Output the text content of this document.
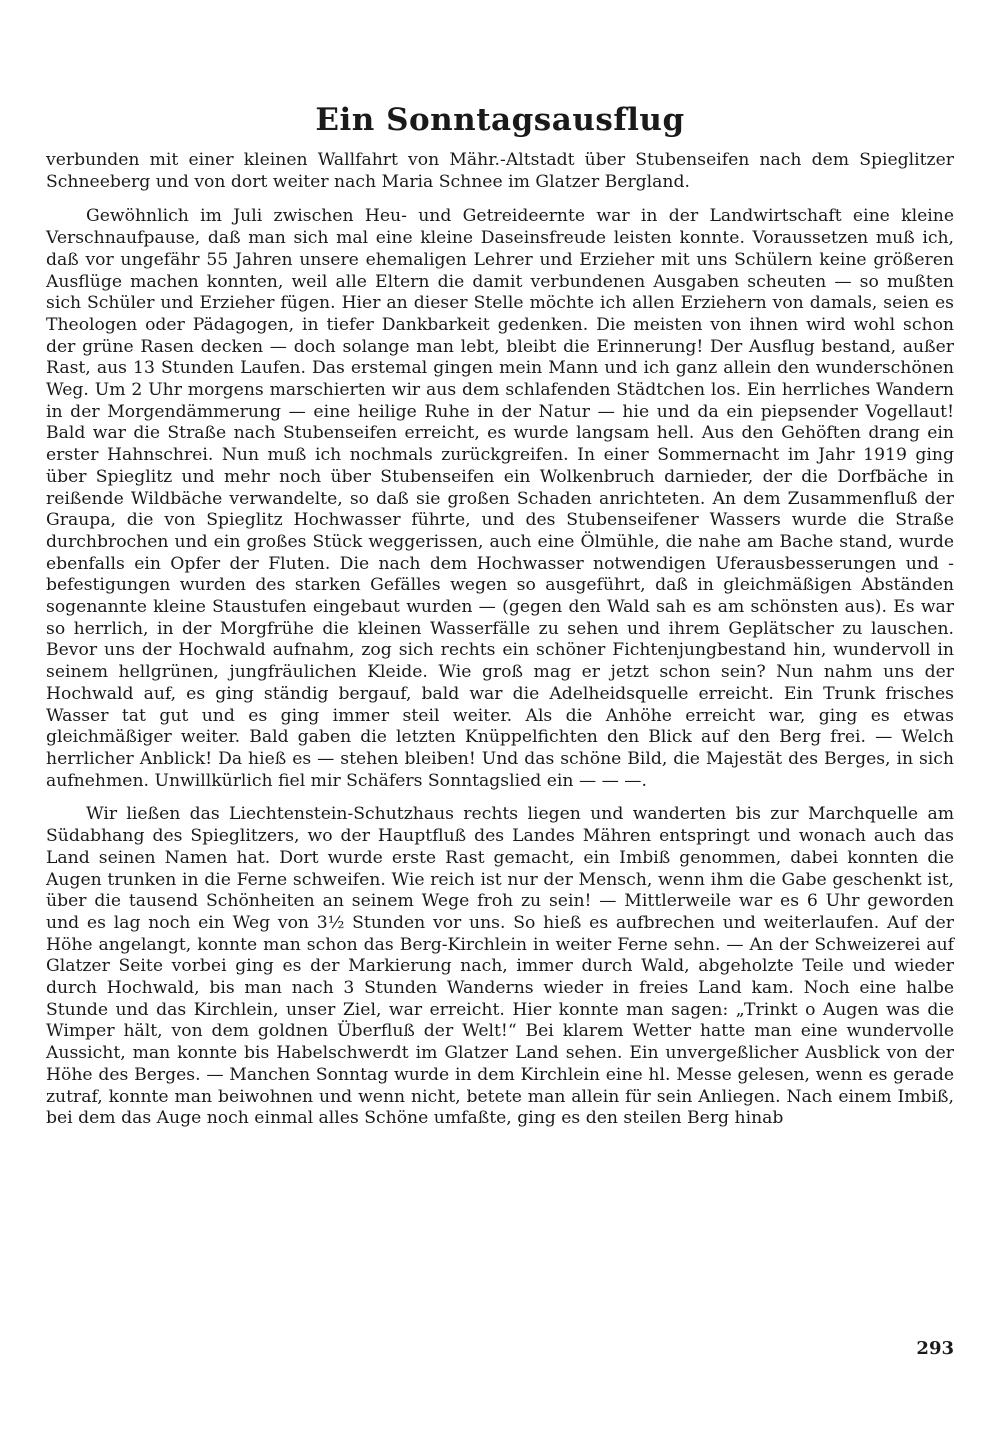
Ein Sonntagsausflug

verbunden mit einer kleinen Wallfahrt von Mähr.-Altstadt über Stubenseifen nach dem Spieglitzer Schneeberg und von dort weiter nach Maria Schnee im Glatzer Bergland.

Gewöhnlich im Juli zwischen Heu- und Getreideernte war in der Landwirtschaft eine kleine Verschnaufpause, daß man sich mal eine kleine Daseinsfreude leisten konnte. Voraussetzen muß ich, daß vor ungefähr 55 Jahren unsere ehemaligen Lehrer und Erzieher mit uns Schülern keine größeren Ausflüge machen konnten, weil alle Eltern die damit verbundenen Ausgaben scheuten — so mußten sich Schüler und Erzieher fügen. Hier an dieser Stelle möchte ich allen Erziehern von damals, seien es Theologen oder Pädagogen, in tiefer Dankbarkeit gedenken. Die meisten von ihnen wird wohl schon der grüne Rasen decken — doch solange man lebt, bleibt die Erinnerung! Der Ausflug bestand, außer Rast, aus 13 Stunden Laufen. Das erstemal gingen mein Mann und ich ganz allein den wunderschönen Weg. Um 2 Uhr morgens marschierten wir aus dem schlafenden Städtchen los. Ein herrliches Wandern in der Morgendämmerung — eine heilige Ruhe in der Natur — hie und da ein piepsender Vogellaut! Bald war die Straße nach Stubenseifen erreicht, es wurde langsam hell. Aus den Gehöften drang ein erster Hahnschrei. Nun muß ich nochmals zurückgreifen. In einer Sommernacht im Jahr 1919 ging über Spieglitz und mehr noch über Stubenseifen ein Wolkenbruch darnieder, der die Dorfbäche in reißende Wildbäche verwandelte, so daß sie großen Schaden anrichteten. An dem Zusammenfluß der Graupa, die von Spieglitz Hochwasser führte, und des Stubenseifener Wassers wurde die Straße durchbrochen und ein großes Stück weggerissen, auch eine Ölmühle, die nahe am Bache stand, wurde ebenfalls ein Opfer der Fluten. Die nach dem Hochwasser notwendigen Uferausbesserungen und -befestigungen wurden des starken Gefälles wegen so ausgeführt, daß in gleichmäßigen Abständen sogenannte kleine Staustufen eingebaut wurden — (gegen den Wald sah es am schönsten aus). Es war so herrlich, in der Morgfrühe die kleinen Wasserfälle zu sehen und ihrem Geplätscher zu lauschen. Bevor uns der Hochwald aufnahm, zog sich rechts ein schöner Fichtenjungbestand hin, wundervoll in seinem hellgrünen, jungfräulichen Kleide. Wie groß mag er jetzt schon sein? Nun nahm uns der Hochwald auf, es ging ständig bergauf, bald war die Adelheidsquelle erreicht. Ein Trunk frisches Wasser tat gut und es ging immer steil weiter. Als die Anhöhe erreicht war, ging es etwas gleichmäßiger weiter. Bald gaben die letzten Knüppelfichten den Blick auf den Berg frei. — Welch herrlicher Anblick! Da hieß es — stehen bleiben! Und das schöne Bild, die Majestät des Berges, in sich aufnehmen. Unwillkürlich fiel mir Schäfers Sonntagslied ein — — —.

Wir ließen das Liechtenstein-Schutzhaus rechts liegen und wanderten bis zur Marchquelle am Südabhang des Spieglitzers, wo der Hauptfluß des Landes Mähren entspringt und wonach auch das Land seinen Namen hat. Dort wurde erste Rast gemacht, ein Imbiß genommen, dabei konnten die Augen trunken in die Ferne schweifen. Wie reich ist nur der Mensch, wenn ihm die Gabe geschenkt ist, über die tausend Schönheiten an seinem Wege froh zu sein! — Mittlerweile war es 6 Uhr geworden und es lag noch ein Weg von 3½ Stunden vor uns. So hieß es aufbrechen und weiterlaufen. Auf der Höhe angelangt, konnte man schon das Berg-Kirchlein in weiter Ferne sehn. — An der Schweizerei auf Glatzer Seite vorbei ging es der Markierung nach, immer durch Wald, abgeholzte Teile und wieder durch Hochwald, bis man nach 3 Stunden Wanderns wieder in freies Land kam. Noch eine halbe Stunde und das Kirchlein, unser Ziel, war erreicht. Hier konnte man sagen: „Trinkt o Augen was die Wimper hält, von dem goldnen Überfluß der Welt!“ Bei klarem Wetter hatte man eine wundervolle Aussicht, man konnte bis Habelschwerdt im Glatzer Land sehen. Ein unvergeßlicher Ausblick von der Höhe des Berges. — Manchen Sonntag wurde in dem Kirchlein eine hl. Messe gelesen, wenn es gerade zutraf, konnte man beiwohnen und wenn nicht, betete man allein für sein Anliegen. Nach einem Imbiß, bei dem das Auge noch einmal alles Schöne umfaßte, ging es den steilen Berg hinab

293
